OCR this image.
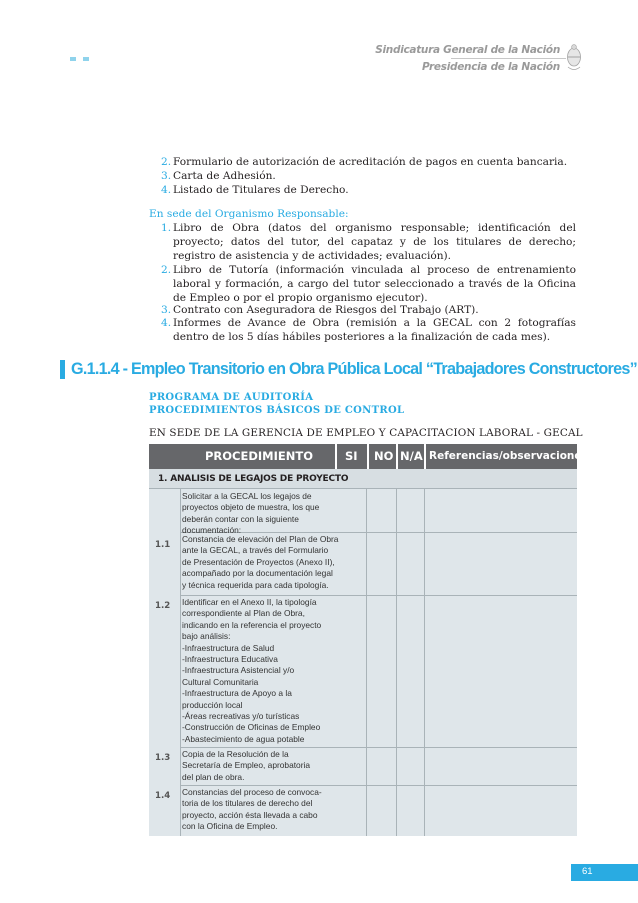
Sindicatura General de la Nación
Presidencia de la Nación
2. Formulario de autorización de acreditación de pagos en cuenta bancaria.
3. Carta de Adhesión.
4. Listado de Titulares de Derecho.
En sede del Organismo Responsable:
1. Libro de Obra (datos del organismo responsable; identificación del proyecto; datos del tutor, del capataz y de los titulares de derecho; registro de asistencia y de actividades; evaluación).
2. Libro de Tutoría (información vinculada al proceso de entrenamiento laboral y formación, a cargo del tutor seleccionado a través de la Oficina de Empleo o por el propio organismo ejecutor).
3. Contrato con Aseguradora de Riesgos del Trabajo (ART).
4. Informes de Avance de Obra (remisión a la GECAL con 2 fotografías dentro de los 5 días hábiles posteriores a la finalización de cada mes).
G.1.1.4 - Empleo Transitorio en Obra Pública Local “Trabajadores Constructores”
PROGRAMA DE AUDITORÍA
PROCEDIMIENTOS BÁSICOS DE CONTROL
EN SEDE DE LA GERENCIA DE EMPLEO Y CAPACITACION LABORAL - GECAL
PROCEDIMIENTO	SI NO N/A Referencias/observaciones
1. ANALISIS DE LEGAJOS DE PROYECTO
Solicitar a la GECAL los legajos de proyectos objeto de muestra, los que deberán contar con la siguiente documentación:
1.1
Constancia de elevación del Plan de Obra
ante la GECAL, a través del Formulario
de Presentación de Proyectos (Anexo II),
acompañado por la documentación legal
y técnica requerida para cada tipología.
1.2 Identificar en el Anexo II, la tipología
correspondiente al Plan de Obra,
indicando en la referencia el proyecto
bajo análisis:
-Infraestructura de Salud
-Infraestructura Educativa
-Infraestructura Asistencial y/o
Cultural Comunitaria
-Infraestructura de Apoyo a la
producción local
-Áreas recreativas y/o turísticas
-Construcción de Oficinas de Empleo
-Abastecimiento de agua potable
1.3 Copia de la Resolución de la
Secretaría de Empleo, aprobatoria
del plan de obra.
1.4 Constancias del proceso de convoca-
toria de los titulares de derecho del
proyecto, acción ésta llevada a cabo
con la Oficina de Empleo.
61
